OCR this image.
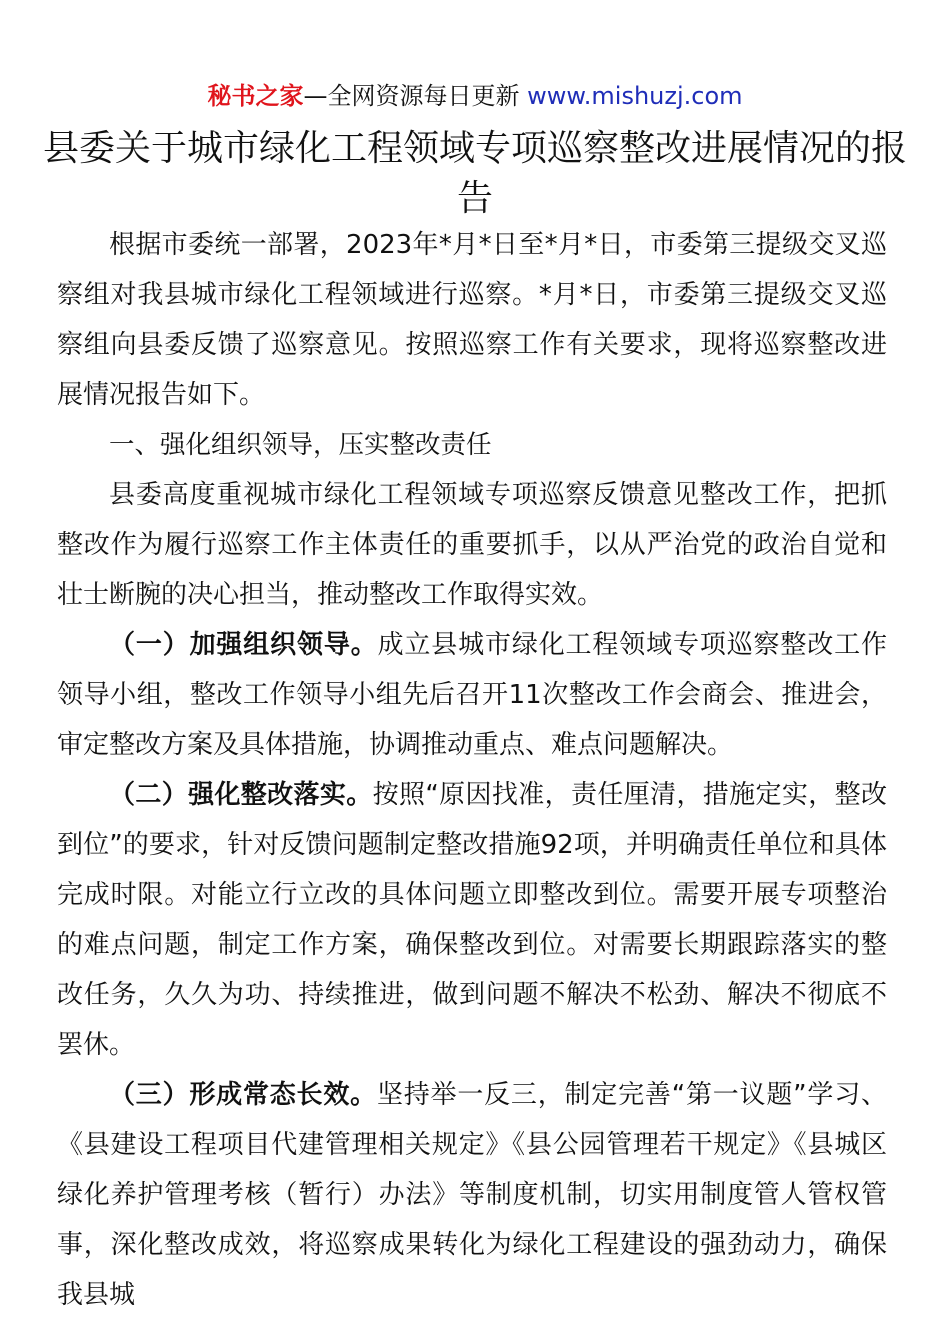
秘书之家—全网资源每日更新 www.mishuzj.com
县委关于城市绿化工程领域专项巡察整改进展情况的报告

根据市委统一部署，2023年*月*日至*月*日，市委第三提级交叉巡察组对我县城市绿化工程领域进行巡察。*月*日，市委第三提级交叉巡察组向县委反馈了巡察意见。按照巡察工作有关要求，现将巡察整改进展情况报告如下。

一、强化组织领导，压实整改责任

县委高度重视城市绿化工程领域专项巡察反馈意见整改工作，把抓整改作为履行巡察工作主体责任的重要抓手，以从严治党的政治自觉和壮士断腕的决心担当，推动整改工作取得实效。

（一）加强组织领导。成立县城市绿化工程领域专项巡察整改工作领导小组，整改工作领导小组先后召开11次整改工作会商会、推进会，审定整改方案及具体措施，协调推动重点、难点问题解决。

（二）强化整改落实。按照“原因找准，责任厘清，措施定实，整改到位”的要求，针对反馈问题制定整改措施92项，并明确责任单位和具体完成时限。对能立行立改的具体问题立即整改到位。需要开展专项整治的难点问题，制定工作方案，确保整改到位。对需要长期跟踪落实的整改任务，久久为功、持续推进，做到问题不解决不松劲、解决不彻底不罢休。

（三）形成常态长效。坚持举一反三，制定完善“第一议题”学习、《县建设工程项目代建管理相关规定》《县公园管理若干规定》《县城区绿化养护管理考核（暂行）办法》等制度机制，切实用制度管人管权管事，深化整改成效，将巡察成果转化为绿化工程建设的强劲动力，确保我县城
